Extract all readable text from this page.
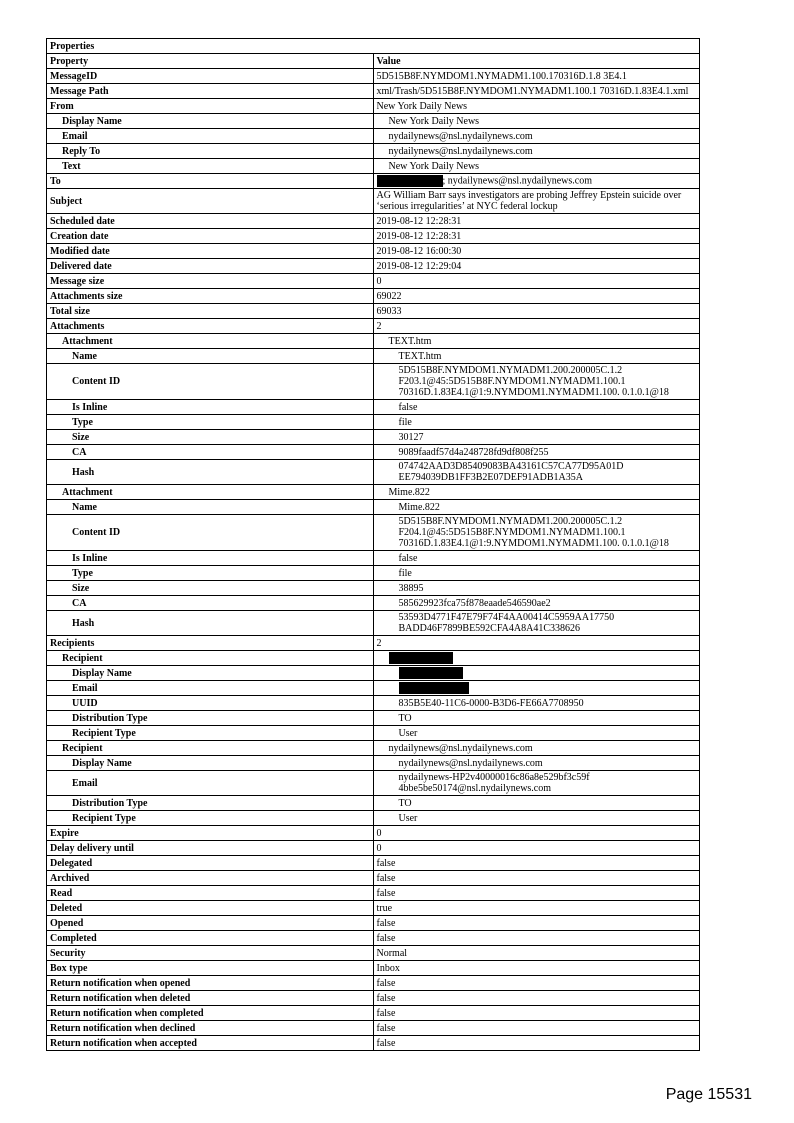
Properties	
Property	Value
MessageID	5D515B8F.NYMDOM1.NYMADM1.100.170316D.1.8 3E4.1
Message Path	xml/Trash/5D515B8F.NYMDOM1.NYMADM1.100.1 70316D.1.83E4.1.xml
From	New York Daily News
Display Name	New York Daily News
Email	nydailynews@nsl.nydailynews.com
Reply To	nydailynews@nsl.nydailynews.com
Text	New York Daily News
To	; nydailynews@nsl.nydailynews.com
Subject	AG William Barr says investigators are probing Jeffrey Epstein suicide over ‘serious irregularities’ at NYC federal lockup
Scheduled date	2019-08-12 12:28:31
Creation date	2019-08-12 12:28:31
Modified date	2019-08-12 16:00:30
Delivered date	2019-08-12 12:29:04
Message size	0
Attachments size	69022
Total size	69033
Attachments	2
Attachment	TEXT.htm
Name	TEXT.htm
Content ID	5D515B8F.NYMDOM1.NYMADM1.200.200005C.1.2 F203.1@45:5D515B8F.NYMDOM1.NYMADM1.100.1 70316D.1.83E4.1@1:9.NYMDOM1.NYMADM1.100. 0.1.0.1@18
Is Inline	false
Type	file
Size	30127
CA	9089faadf57d4a248728fd9df808f255
Hash	074742AAD3D85409083BA43161C57CA77D95A01D EE794039DB1FF3B2E07DEF91ADB1A35A
Attachment	Mime.822
Name	Mime.822
Content ID	5D515B8F.NYMDOM1.NYMADM1.200.200005C.1.2 F204.1@45:5D515B8F.NYMDOM1.NYMADM1.100.1 70316D.1.83E4.1@1:9.NYMDOM1.NYMADM1.100. 0.1.0.1@18
Is Inline	false
Type	file
Size	38895
CA	585629923fca75f878eaade546590ae2
Hash	53593D4771F47E79F74F4AA00414C5959AA17750 BADD46F7899BE592CFA4A8A41C338626
Recipients	2
Recipient	
Display Name	
Email	
UUID	835B5E40-11C6-0000-B3D6-FE66A7708950
Distribution Type	TO
Recipient Type	User
Recipient	nydailynews@nsl.nydailynews.com
Display Name	nydailynews@nsl.nydailynews.com
Email	nydailynews-HP2v40000016c86a8e529bf3c59f 4bbe5be50174@nsl.nydailynews.com
Distribution Type	TO
Recipient Type	User
Expire	0
Delay delivery until	0
Delegated	false
Archived	false
Read	false
Deleted	true
Opened	false
Completed	false
Security	Normal
Box type	Inbox
Return notification when opened	false
Return notification when deleted	false
Return notification when completed	false
Return notification when declined	false
Return notification when accepted	false
Page 15531
